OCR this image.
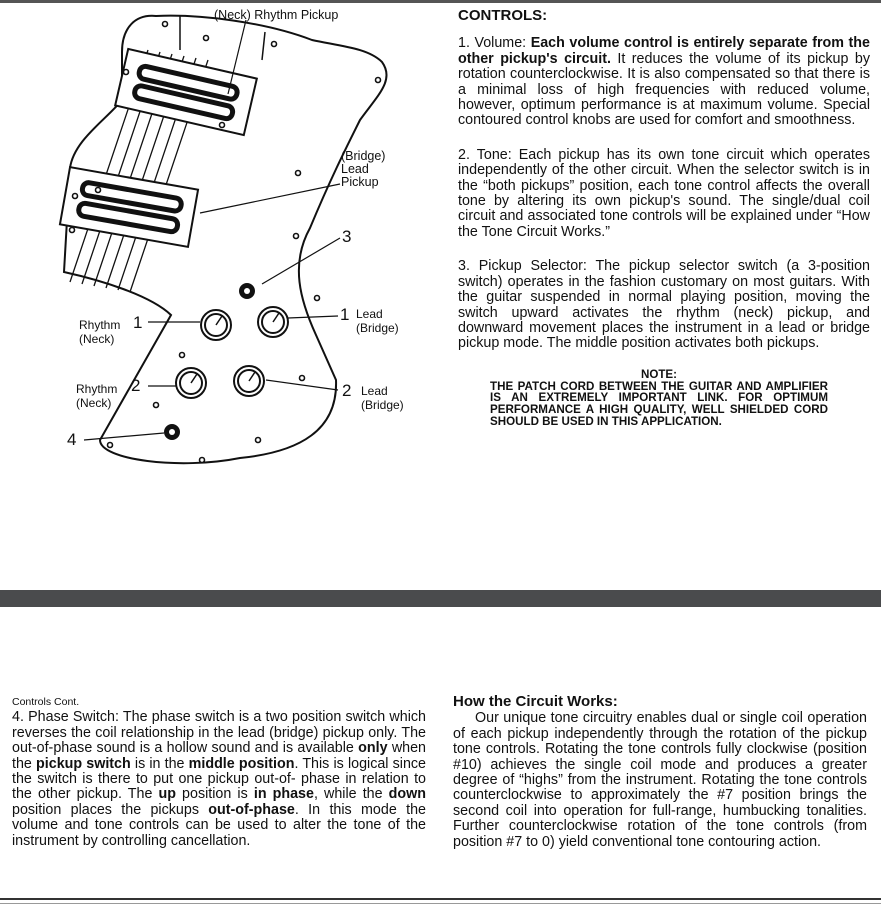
(Neck) Rhythm Pickup
(Bridge)
Lead
Pickup
3
Rhythm
(Neck)
1	1 Lead
(Bridge)
Rhythm
(Neck)
2	2 Lead
(Bridge)
4

CONTROLS:

1. Volume: Each volume control is entirely separate from the other pickup's circuit. It reduces the volume of its pickup by rotation counterclockwise. It is also compensated so that there is a minimal loss of high frequencies with reduced volume, however, optimum performance is at maximum volume. Special contoured control knobs are used for comfort and smoothness.

2. Tone: Each pickup has its own tone circuit which operates independently of the other circuit. When the selector switch is in the “both pickups” position, each tone control affects the overall tone by altering its own pickup's sound. The single/dual coil circuit and associated tone controls will be explained under “How the Tone Circuit Works.”

3. Pickup Selector: The pickup selector switch (a 3-position switch) operates in the fashion customary on most guitars. With the guitar suspended in normal playing position, moving the switch upward activates the rhythm (neck) pickup, and downward movement places the instrument in a lead or bridge pickup mode. The middle position activates both pickups.

NOTE:
THE PATCH CORD BETWEEN THE GUITAR AND AMPLIFIER IS AN EXTREMELY IMPORTANT LINK. FOR OPTIMUM PERFORMANCE A HIGH QUALITY, WELL SHIELDED CORD SHOULD BE USED IN THIS APPLICATION.

Controls Cont.

4. Phase Switch: The phase switch is a two position switch which reverses the coil relationship in the lead (bridge) pickup only. The out-of-phase sound is a hollow sound and is available only when the pickup switch is in the middle position. This is logical since the switch is there to put one pickup out-of- phase in relation to the other pickup. The up position is in phase, while the down position places the pickups out-of-phase. In this mode the volume and tone controls can be used to alter the tone of the instrument by controlling cancellation.

How the Circuit Works:

Our unique tone circuitry enables dual or single coil operation of each pickup independently through the rotation of the pickup tone controls. Rotating the tone controls fully clockwise (position #10) achieves the single coil mode and produces a greater degree of “highs” from the instrument. Rotating the tone controls counterclockwise to approximately the #7 position brings the second coil into operation for full-range, humbucking tonalities. Further counterclockwise rotation of the tone controls (from position #7 to 0) yield conventional tone contouring action.
